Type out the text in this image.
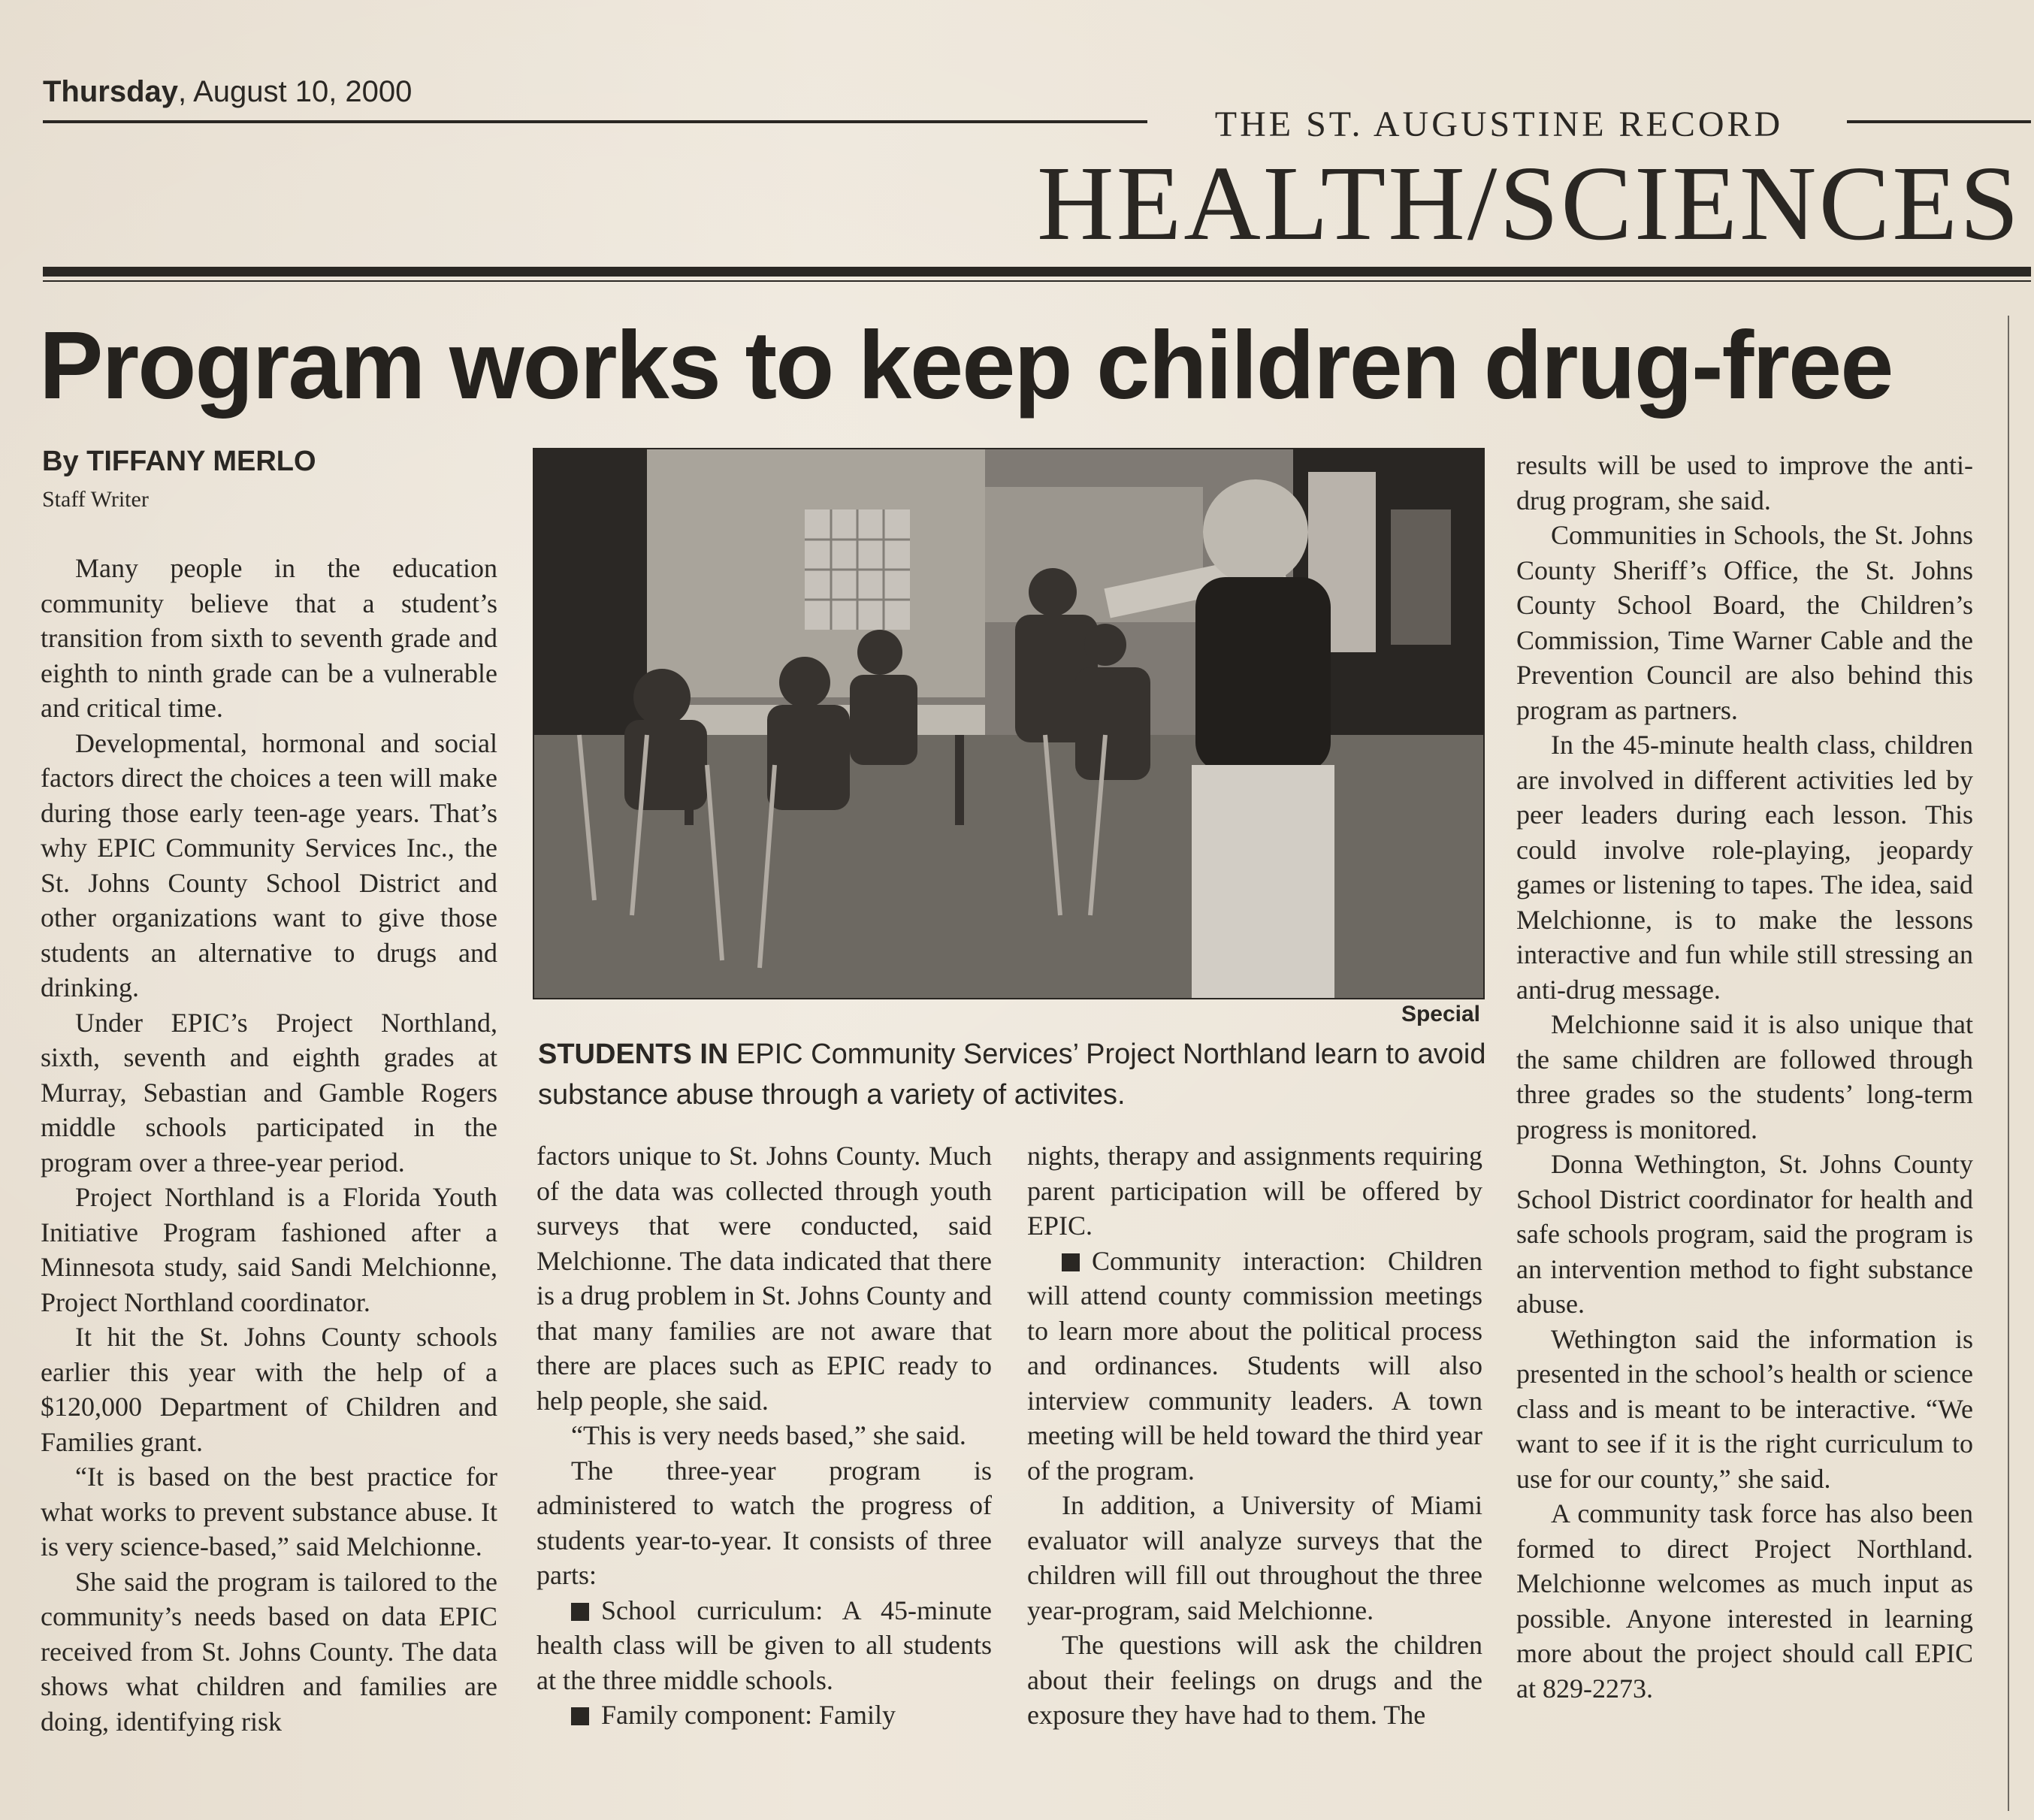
Thursday, August 10, 2000
THE ST. AUGUSTINE RECORD
HEALTH/SCIENCES
Program works to keep children drug-free
By TIFFANY MERLO
Staff Writer

Many people in the education community believe that a student’s transition from sixth to seventh grade and eighth to ninth grade can be a vulnerable and critical time.

Developmental, hormonal and social factors direct the choices a teen will make during those early teen-age years. That’s why EPIC Community Services Inc., the St. Johns County School District and other organizations want to give those students an alternative to drugs and drinking.

Under EPIC’s Project Northland, sixth, seventh and eighth grades at Murray, Sebastian and Gamble Rogers middle schools participated in the program over a three-year period.

Project Northland is a Florida Youth Initiative Program fashioned after a Minnesota study, said Sandi Melchionne, Project Northland coordinator.

It hit the St. Johns County schools earlier this year with the help of a $120,000 Department of Children and Families grant.

“It is based on the best practice for what works to prevent substance abuse. It is very science-based,” said Melchionne.

She said the program is tailored to the community’s needs based on data EPIC received from St. Johns County. The data shows what children and families are doing, identifying risk

Special
STUDENTS IN EPIC Community Services’ Project Northland learn to avoid substance abuse through a variety of activites.

factors unique to St. Johns County. Much of the data was collected through youth surveys that were conducted, said Melchionne. The data indicated that there is a drug problem in St. Johns County and that many families are not aware that there are places such as EPIC ready to help people, she said.

“This is very needs based,” she said.

The three-year program is administered to watch the progress of students year-to-year. It consists of three parts:

School curriculum: A 45-minute health class will be given to all students at the three middle schools.

Family component: Family

nights, therapy and assignments requiring parent participation will be offered by EPIC.

Community interaction: Children will attend county commission meetings to learn more about the political process and ordinances. Students will also interview community leaders. A town meeting will be held toward the third year of the program.

In addition, a University of Miami evaluator will analyze surveys that the children will fill out throughout the three year-program, said Melchionne.

The questions will ask the children about their feelings on drugs and the exposure they have had to them. The

results will be used to improve the anti-drug program, she said.

Communities in Schools, the St. Johns County Sheriff’s Office, the St. Johns County School Board, the Children’s Commission, Time Warner Cable and the Prevention Council are also behind this program as partners.

In the 45-minute health class, children are involved in different activities led by peer leaders during each lesson. This could involve role-playing, jeopardy games or listening to tapes. The idea, said Melchionne, is to make the lessons interactive and fun while still stressing an anti-drug message.

Melchionne said it is also unique that the same children are followed through three grades so the students’ long-term progress is monitored.

Donna Wethington, St. Johns County School District coordinator for health and safe schools program, said the program is an intervention method to fight substance abuse.

Wethington said the information is presented in the school’s health or science class and is meant to be interactive. “We want to see if it is the right curriculum to use for our county,” she said.

A community task force has also been formed to direct Project Northland. Melchionne welcomes as much input as possible. Anyone interested in learning more about the project should call EPIC at 829-2273.
